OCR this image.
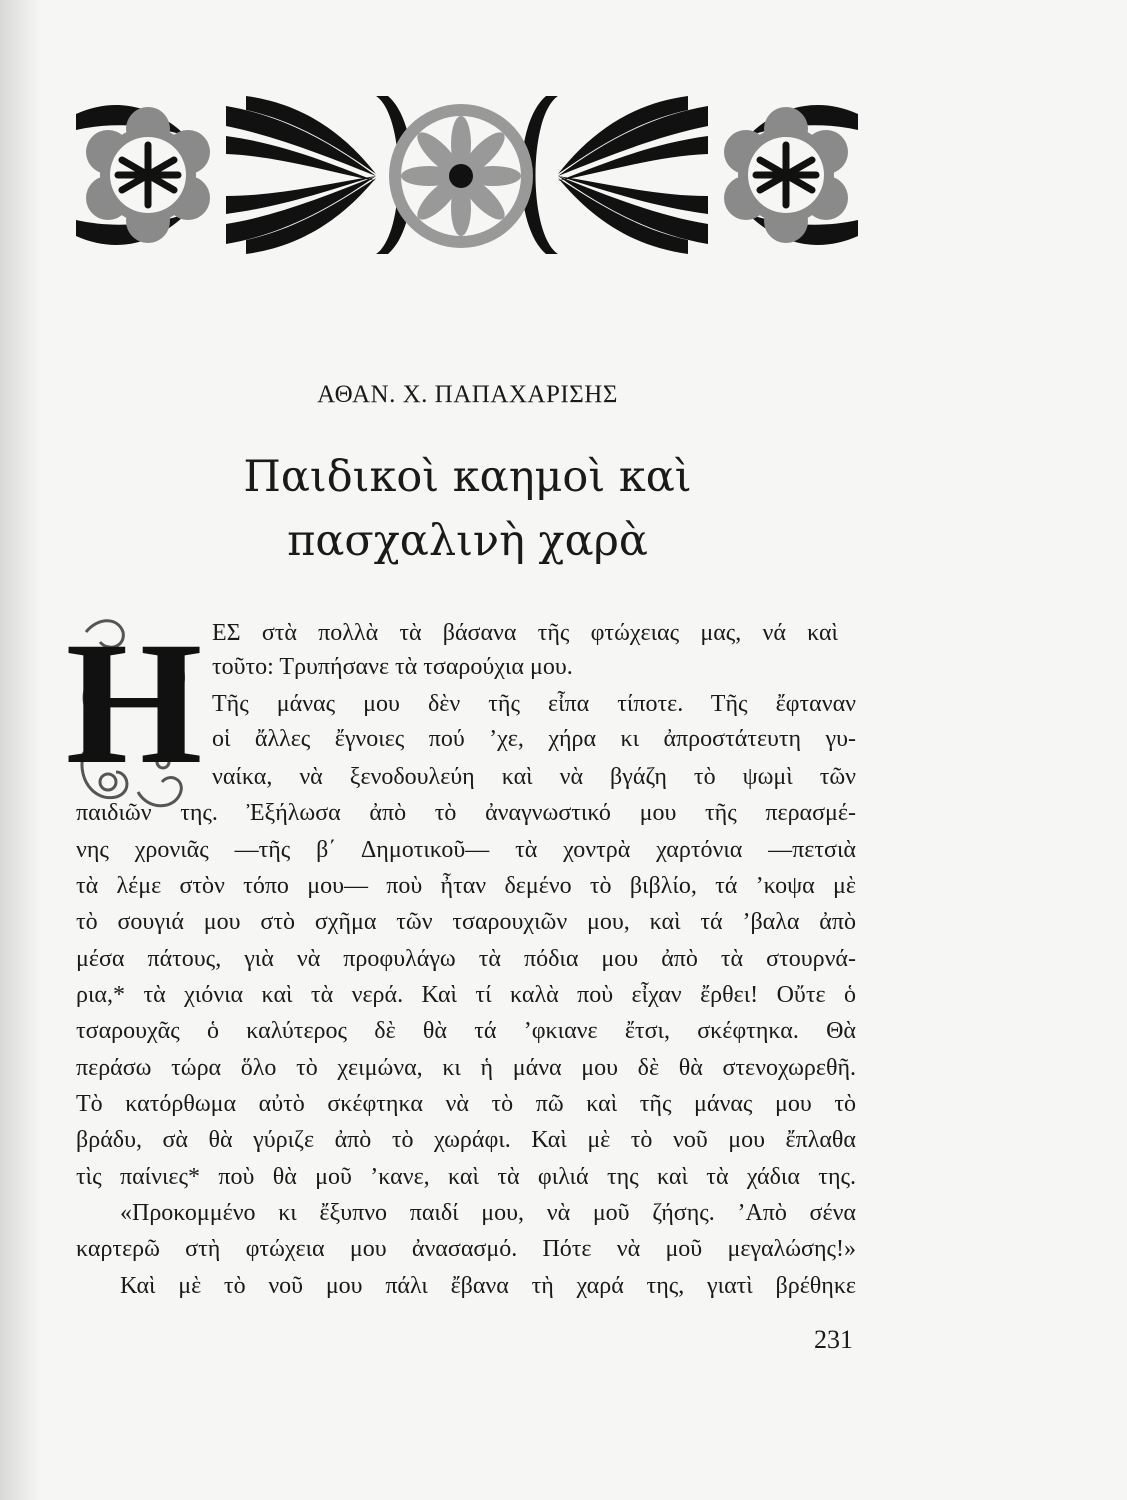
ΑΘΑΝ. Χ. ΠΑΠΑΧΑΡΙΣΗΣ
Παιδικοὶ καημοὶ καὶ
πασχαλινὴ χαρὰ
Η ΕΣ στὰ πολλὰ τὰ βάσανα τῆς φτώχειας μας, νά καὶ
τοῦτο: Τρυπήσανε τὰ τσαρούχια μου.
Τῆς μάνας μου δὲν τῆς εἶπα τίποτε. Τῆς ἔφταναν
οἱ ἄλλες ἔγνοιες πού ’χε, χήρα κι ἀπροστάτευτη γυ-
ναίκα, νὰ ξενοδουλεύη καὶ νὰ βγάζη τὸ ψωμὶ τῶν
παιδιῶν της. Ἐξήλωσα ἀπὸ τὸ ἀναγνωστικό μου τῆς περασμέ-
νης χρονιᾶς —τῆς β΄ Δημοτικοῦ— τὰ χοντρὰ χαρτόνια —πετσιὰ
τὰ λέμε στὸν τόπο μου— ποὺ ἦταν δεμένο τὸ βιβλίο, τά ’κοψα μὲ
τὸ σουγιά μου στὸ σχῆμα τῶν τσαρουχιῶν μου, καὶ τά ’βαλα ἀπὸ
μέσα πάτους, γιὰ νὰ προφυλάγω τὰ πόδια μου ἀπὸ τὰ στουρνά-
ρια,* τὰ χιόνια καὶ τὰ νερά. Καὶ τί καλὰ ποὺ εἶχαν ἔρθει! Οὔτε ὁ
τσαρουχᾶς ὁ καλύτερος δὲ θὰ τά ’φκιανε ἔτσι, σκέφτηκα. Θὰ
περάσω τώρα ὅλο τὸ χειμώνα, κι ἡ μάνα μου δὲ θὰ στενοχωρεθῆ.
Τὸ κατόρθωμα αὐτὸ σκέφτηκα νὰ τὸ πῶ καὶ τῆς μάνας μου τὸ
βράδυ, σὰ θὰ γύριζε ἀπὸ τὸ χωράφι. Καὶ μὲ τὸ νοῦ μου ἔπλαθα
τὶς παίνιες* ποὺ θὰ μοῦ ’κανε, καὶ τὰ φιλιά της καὶ τὰ χάδια της.
«Προκομμένο κι ἔξυπνο παιδί μου, νὰ μοῦ ζήσης. ’Απὸ σένα
καρτερῶ στὴ φτώχεια μου ἀνασασμό. Πότε νὰ μοῦ μεγαλώσης!»
Καὶ μὲ τὸ νοῦ μου πάλι ἔβανα τὴ χαρά της, γιατὶ βρέθηκε
231
